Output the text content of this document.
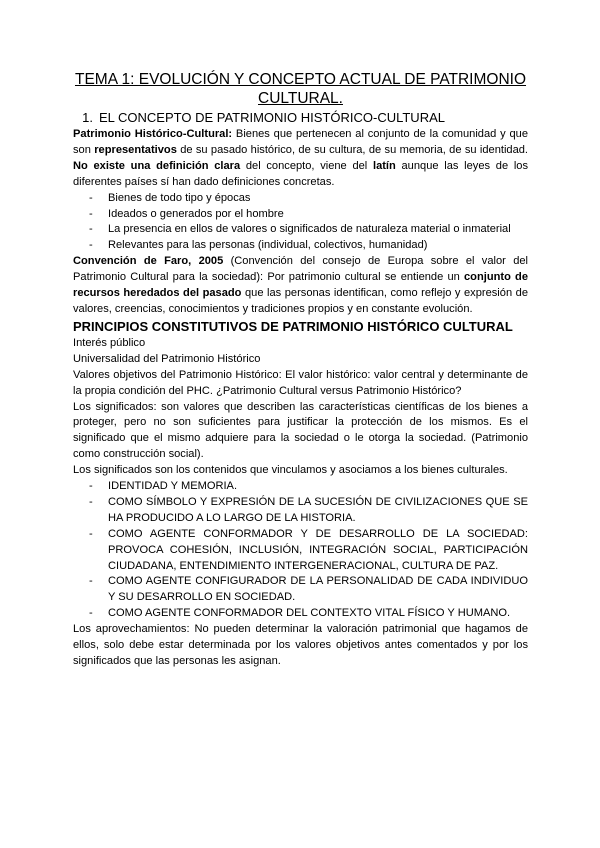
TEMA 1: EVOLUCIÓN Y CONCEPTO ACTUAL DE PATRIMONIO CULTURAL.
1. EL CONCEPTO DE PATRIMONIO HISTÓRICO-CULTURAL

Patrimonio Histórico-Cultural: Bienes que pertenecen al conjunto de la comunidad y que son representativos de su pasado histórico, de su cultura, de su memoria, de su identidad. No existe una definición clara del concepto, viene del latín aunque las leyes de los diferentes países sí han dado definiciones concretas.

- Bienes de todo tipo y épocas
- Ideados o generados por el hombre
- La presencia en ellos de valores o significados de naturaleza material o inmaterial
- Relevantes para las personas (individual, colectivos, humanidad)

Convención de Faro, 2005 (Convención del consejo de Europa sobre el valor del Patrimonio Cultural para la sociedad): Por patrimonio cultural se entiende un conjunto de recursos heredados del pasado que las personas identifican, como reflejo y expresión de valores, creencias, conocimientos y tradiciones propios y en constante evolución.

PRINCIPIOS CONSTITUTIVOS DE PATRIMONIO HISTÓRICO CULTURAL

Interés público

Universalidad del Patrimonio Histórico

Valores objetivos del Patrimonio Histórico: El valor histórico: valor central y determinante de la propia condición del PHC. ¿Patrimonio Cultural versus Patrimonio Histórico?

Los significados: son valores que describen las características científicas de los bienes a proteger, pero no son suficientes para justificar la protección de los mismos. Es el significado que el mismo adquiere para la sociedad o le otorga la sociedad. (Patrimonio como construcción social).

Los significados son los contenidos que vinculamos y asociamos a los bienes culturales.

- IDENTIDAD Y MEMORIA.
- COMO SÍMBOLO Y EXPRESIÓN DE LA SUCESIÓN DE CIVILIZACIONES QUE SE HA PRODUCIDO A LO LARGO DE LA HISTORIA.
- COMO AGENTE CONFORMADOR Y DE DESARROLLO DE LA SOCIEDAD: PROVOCA COHESIÓN, INCLUSIÓN, INTEGRACIÓN SOCIAL, PARTICIPACIÓN CIUDADANA, ENTENDIMIENTO INTERGENERACIONAL, CULTURA DE PAZ.
- COMO AGENTE CONFIGURADOR DE LA PERSONALIDAD DE CADA INDIVIDUO Y SU DESARROLLO EN SOCIEDAD.
- COMO AGENTE CONFORMADOR DEL CONTEXTO VITAL FÍSICO Y HUMANO.

Los aprovechamientos: No pueden determinar la valoración patrimonial que hagamos de ellos, solo debe estar determinada por los valores objetivos antes comentados y por los significados que las personas les asignan.
